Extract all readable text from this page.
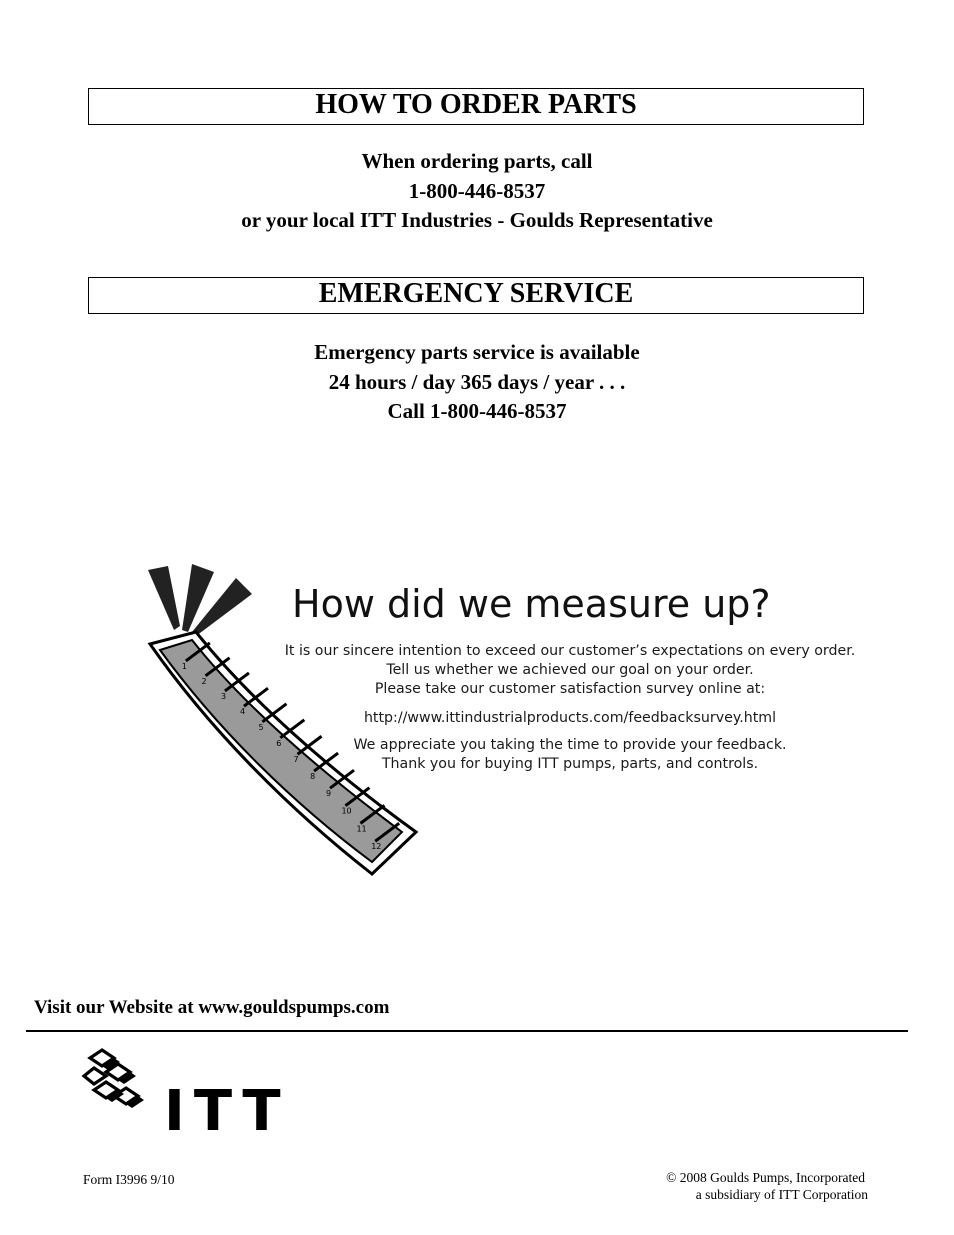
HOW TO ORDER PARTS
When ordering parts, call
1-800-446-8537
or your local ITT Industries - Goulds Representative
EMERGENCY SERVICE
Emergency parts service is available
24 hours / day 365 days / year . . .
Call 1-800-446-8537
1
2
3
4
5
6
7
8
9
10
11
12
How did we measure up?
It is our sincere intention to exceed our customer’s expectations on every order.
Tell us whether we achieved our goal on your order.
Please take our customer satisfaction survey online at:
http://www.ittindustrialproducts.com/feedbacksurvey.html
We appreciate you taking the time to provide your feedback.
Thank you for buying ITT pumps, parts, and controls.
Visit our Website at www.gouldspumps.com
ITT
Form I3996 9/10	© 2008 Goulds Pumps, Incorporated
a subsidiary of ITT Corporation
